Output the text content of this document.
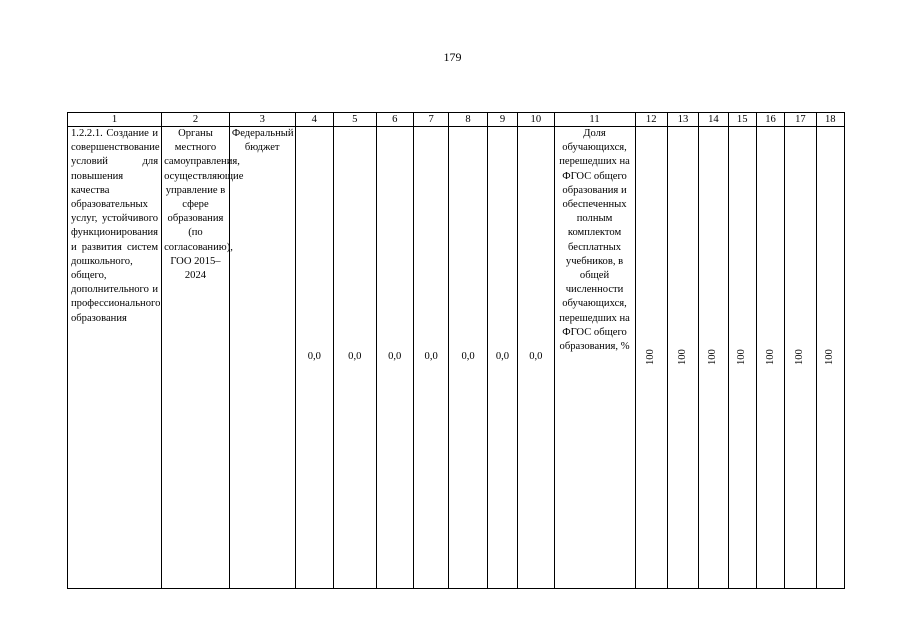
179
1	2	3	4	5	6	7	8	9	10	11	12	13	14	15	16	17	18
1.2.2.1. Создание и совершенствование условий для повышения качества образовательных услуг, устойчивого функционирования и развития систем дошкольного, общего, дополнительного и профессионального образования	Органы местного самоуправления, осуществляющие управление в сфере образования (по согласованию), ГОО 2015–2024	Федеральный бюджет	0,0	0,0	0,0	0,0	0,0	0,0	0,0	Доля обучающихся, перешедших на ФГОС общего образования и обеспеченных полным комплектом бесплатных учебников, в общей численности обучающихся, перешедших на ФГОС общего образования, %	100	100	100	100	100	100	100
